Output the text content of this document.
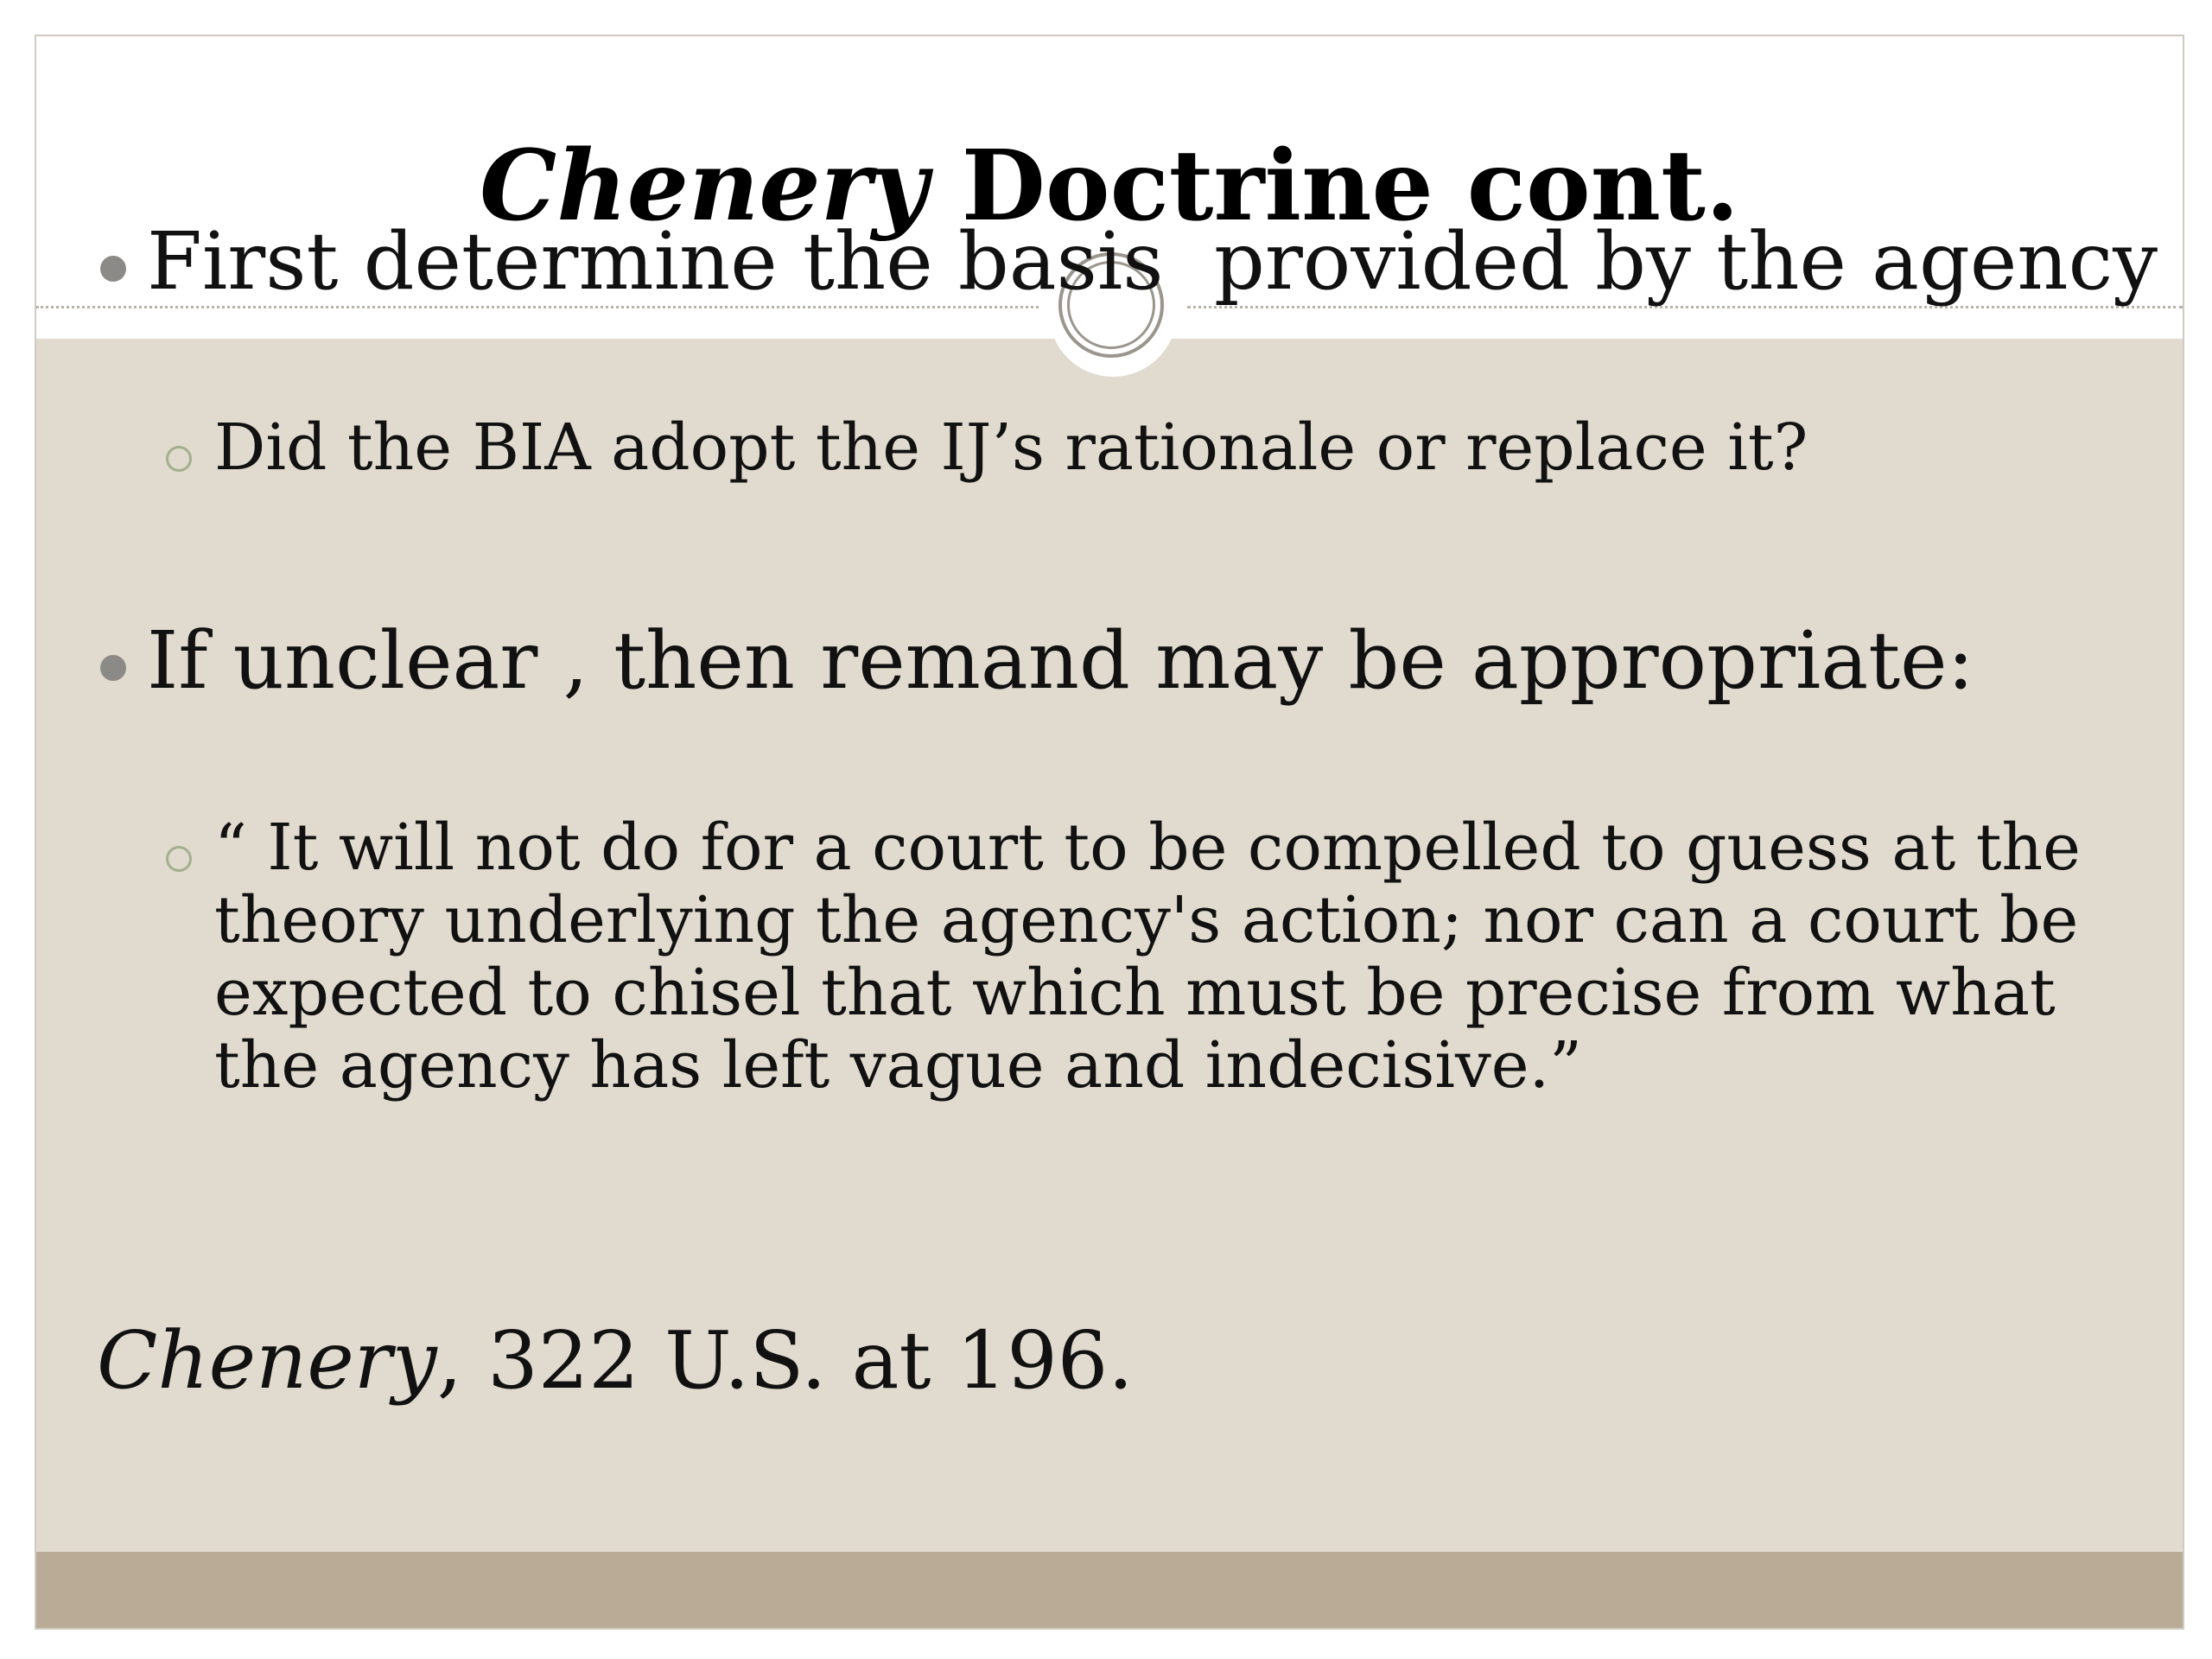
Chenery Doctrine cont.
First determine the basis  provided by the agency
Did the BIA adopt the IJ’s rationale or replace it?
If unclear , then remand may be appropriate:
“ It will not do for a court to be compelled to guess at the theory underlying the agency's action; nor can a court be expected to chisel that which must be precise from what the agency has left vague and indecisive.”
Chenery, 322 U.S. at 196.
